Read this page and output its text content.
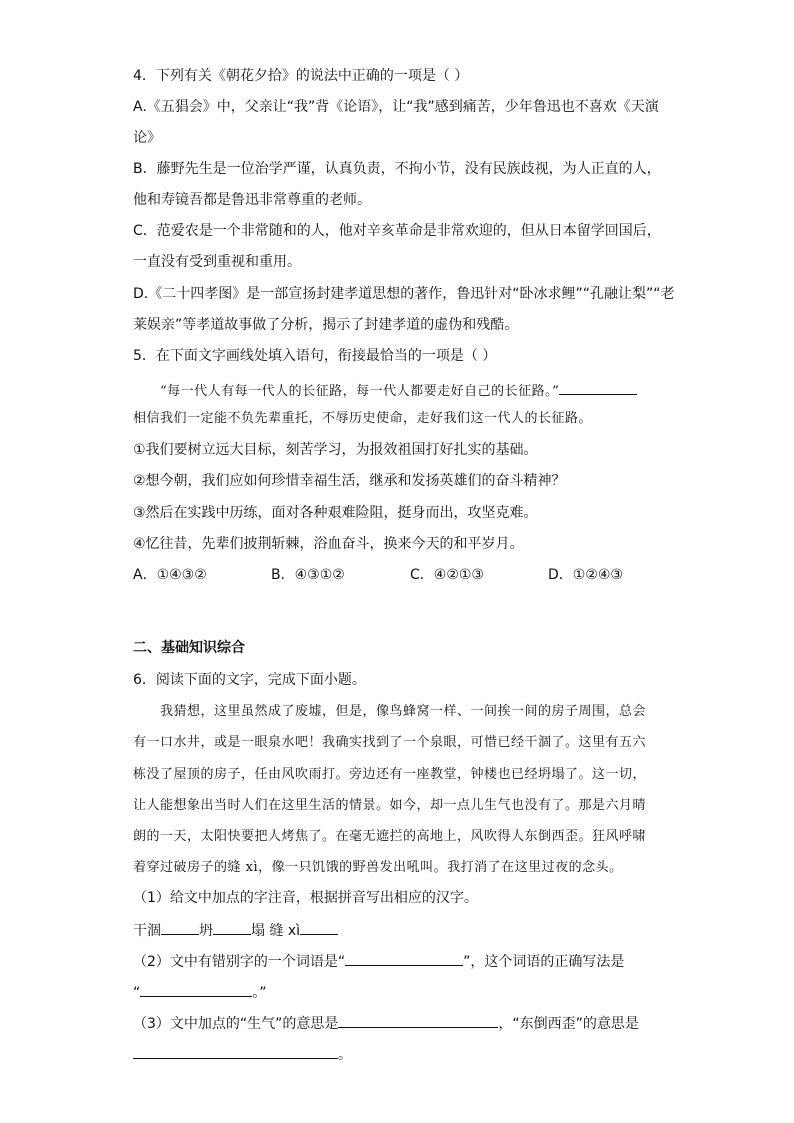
4．下列有关《朝花夕拾》的说法中正确的一项是（ ）
A.《五猖会》中，父亲让“我”背《论语》，让“我”感到痛苦，少年鲁迅也不喜欢《天演
论》
B．藤野先生是一位治学严谨，认真负责，不拘小节，没有民族歧视，为人正直的人，
他和寿镜吾都是鲁迅非常尊重的老师。
C．范爱农是一个非常随和的人，他对辛亥革命是非常欢迎的，但从日本留学回国后，
一直没有受到重视和重用。
D.《二十四孝图》是一部宣扬封建孝道思想的著作，鲁迅针对“卧冰求鲤”“孔融让梨”“老
莱娱亲”等孝道故事做了分析，揭示了封建孝道的虚伪和残酷。
5．在下面文字画线处填入语句，衔接最恰当的一项是（ ）
“每一代人有每一代人的长征路，每一代人都要走好自己的长征路。”
相信我们一定能不负先辈重托，不辱历史使命，走好我们这一代人的长征路。
①我们要树立远大目标，刻苦学习，为报效祖国打好扎实的基础。
②想今朝，我们应如何珍惜幸福生活，继承和发扬英雄们的奋斗精神？
③然后在实践中历练，面对各种艰难险阻，挺身而出，攻坚克难。
④忆往昔，先辈们披荆斩棘，浴血奋斗，换来今天的和平岁月。
A．①④③②	B．④③①②	C．④②①③	D．①②④③
二、基础知识综合
6．阅读下面的文字，完成下面小题。
我猜想，这里虽然成了废墟，但是，像鸟蜂窝一样、一间挨一间的房子周围，总会
有一口水井，或是一眼泉水吧！我确实找到了一个泉眼，可惜已经干涸了。这里有五六
栋没了屋顶的房子，任由风吹雨打。旁边还有一座教堂，钟楼也已经坍塌了。这一切，
让人能想象出当时人们在这里生活的情景。如今，却一点儿生气也没有了。那是六月晴
朗的一天，太阳快要把人烤焦了。在毫无遮拦的高地上，风吹得人东倒西歪。狂风呼啸
着穿过破房子的缝 xì，像一只饥饿的野兽发出吼叫。我打消了在这里过夜的念头。
（1）给文中加点的字注音，根据拼音写出相应的汉字。
干涸	坍	塌 缝 xì
（2）文中有错别字的一个词语是“	”，这个词语的正确写法是
“	。”
（3）文中加点的“生气”的意思是	，“东倒西歪”的意思是
。
